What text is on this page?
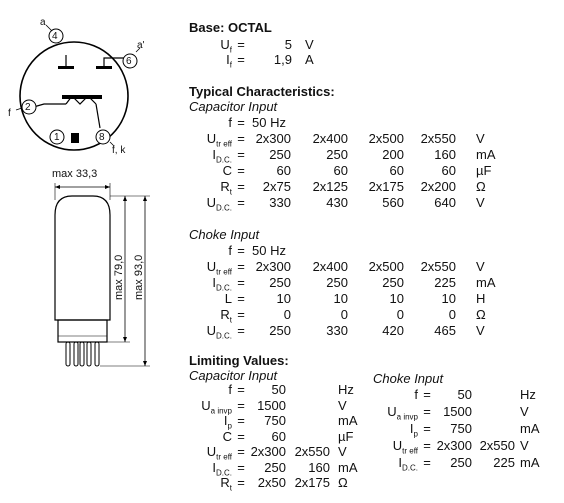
a
4
a'
6
f
2
1	8
f, k
max 33,3
max 79,0 max 93,0
Base: OCTAL
$U_f$ =	5 V
$I_f$ =	1,9 A
Typical Characteristics:
Capacitor Input
f = 50 Hz
$U_{tr eff} = 2x300$	2x400	2x500	2x550 V
$I_{D.C.}$ =	250	250	200	160 mA
C =	60	60	60	60 µF
$R_t$ =	2x75	2x125	2x175	2x200 Ω
$U_{D.C.}$ =	330	430	560	640 V
Choke Input
f = 50 Hz
$U_{tr eff} = 2x300$	2x400	2x500	2x550 V
$I_{D.C.}$ =	250	250	250	225 mA
L =	10	10	10	10 H
$R_t$ =	0	0	0	0 Ω
$U_{D.C.}$ =	250	330	420	465 V
Limiting Values:
Capacitor Input
f =	50	Hz
$U_{a invp} = 1500$	V
$I_p$ =	750	mA
C =	60	µF
$U_{tr eff} = 2x300$ 2x550 V
$I_{D.C.}$ =	250	160 mA
$R_t$ =	2x50 2x175 Ω
Choke Input
f =	50	Hz
$U_{a invp} = 1500$	V
$I_p$ =	750	mA
$U_{tr eff} = 2x300$ 2x550 V
$I_{D.C.}$ =	250	225 mA
